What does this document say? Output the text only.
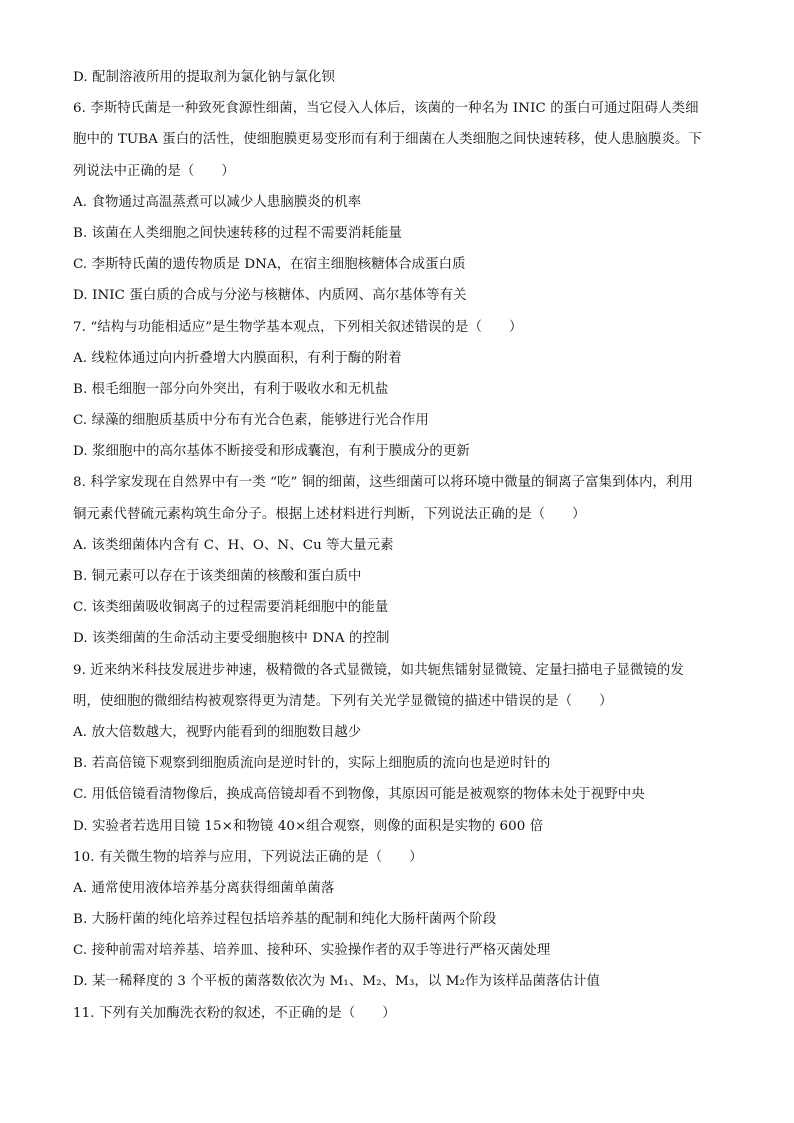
D. 配制溶液所用的提取剂为氯化钠与氯化钡
6. 李斯特氏菌是一种致死食源性细菌，当它侵入人体后，该菌的一种名为 INIC 的蛋白可通过阻碍人类细
胞中的 TUBA 蛋白的活性，使细胞膜更易变形而有利于细菌在人类细胞之间快速转移，使人患脑膜炎。下
列说法中正确的是（　　）
A. 食物通过高温蒸煮可以减少人患脑膜炎的机率
B. 该菌在人类细胞之间快速转移的过程不需要消耗能量
C. 李斯特氏菌的遗传物质是 DNA，在宿主细胞核糖体合成蛋白质
D. INIC 蛋白质的合成与分泌与核糖体、内质网、高尔基体等有关
7. “结构与功能相适应”是生物学基本观点，下列相关叙述错误的是（　　）
A. 线粒体通过向内折叠增大内膜面积，有利于酶的附着
B. 根毛细胞一部分向外突出，有利于吸收水和无机盐
C. 绿藻的细胞质基质中分布有光合色素，能够进行光合作用
D. 浆细胞中的高尔基体不断接受和形成囊泡，有利于膜成分的更新
8. 科学家发现在自然界中有一类 “吃” 铜的细菌，这些细菌可以将环境中微量的铜离子富集到体内，利用
铜元素代替硫元素构筑生命分子。根据上述材料进行判断，下列说法正确的是（　　）
A. 该类细菌体内含有 C、H、O、N、Cu 等大量元素
B. 铜元素可以存在于该类细菌的核酸和蛋白质中
C. 该类细菌吸收铜离子的过程需要消耗细胞中的能量
D. 该类细菌的生命活动主要受细胞核中 DNA 的控制
9. 近来纳米科技发展进步神速，极精微的各式显微镜，如共轭焦镭射显微镜、定量扫描电子显微镜的发
明，使细胞的微细结构被观察得更为清楚。下列有关光学显微镜的描述中错误的是（　　）
A. 放大倍数越大，视野内能看到的细胞数目越少
B. 若高倍镜下观察到细胞质流向是逆时针的，实际上细胞质的流向也是逆时针的
C. 用低倍镜看清物像后，换成高倍镜却看不到物像，其原因可能是被观察的物体未处于视野中央
D. 实验者若选用目镜 15×和物镜 40×组合观察，则像的面积是实物的 600 倍
10. 有关微生物的培养与应用，下列说法正确的是（　　）
A. 通常使用液体培养基分离获得细菌单菌落
B. 大肠杆菌的纯化培养过程包括培养基的配制和纯化大肠杆菌两个阶段
C. 接种前需对培养基、培养皿、接种环、实验操作者的双手等进行严格灭菌处理
D. 某一稀释度的 3 个平板的菌落数依次为 M₁、M₂、M₃，以 M₂作为该样品菌落估计值
11. 下列有关加酶洗衣粉的叙述，不正确的是（　　）
